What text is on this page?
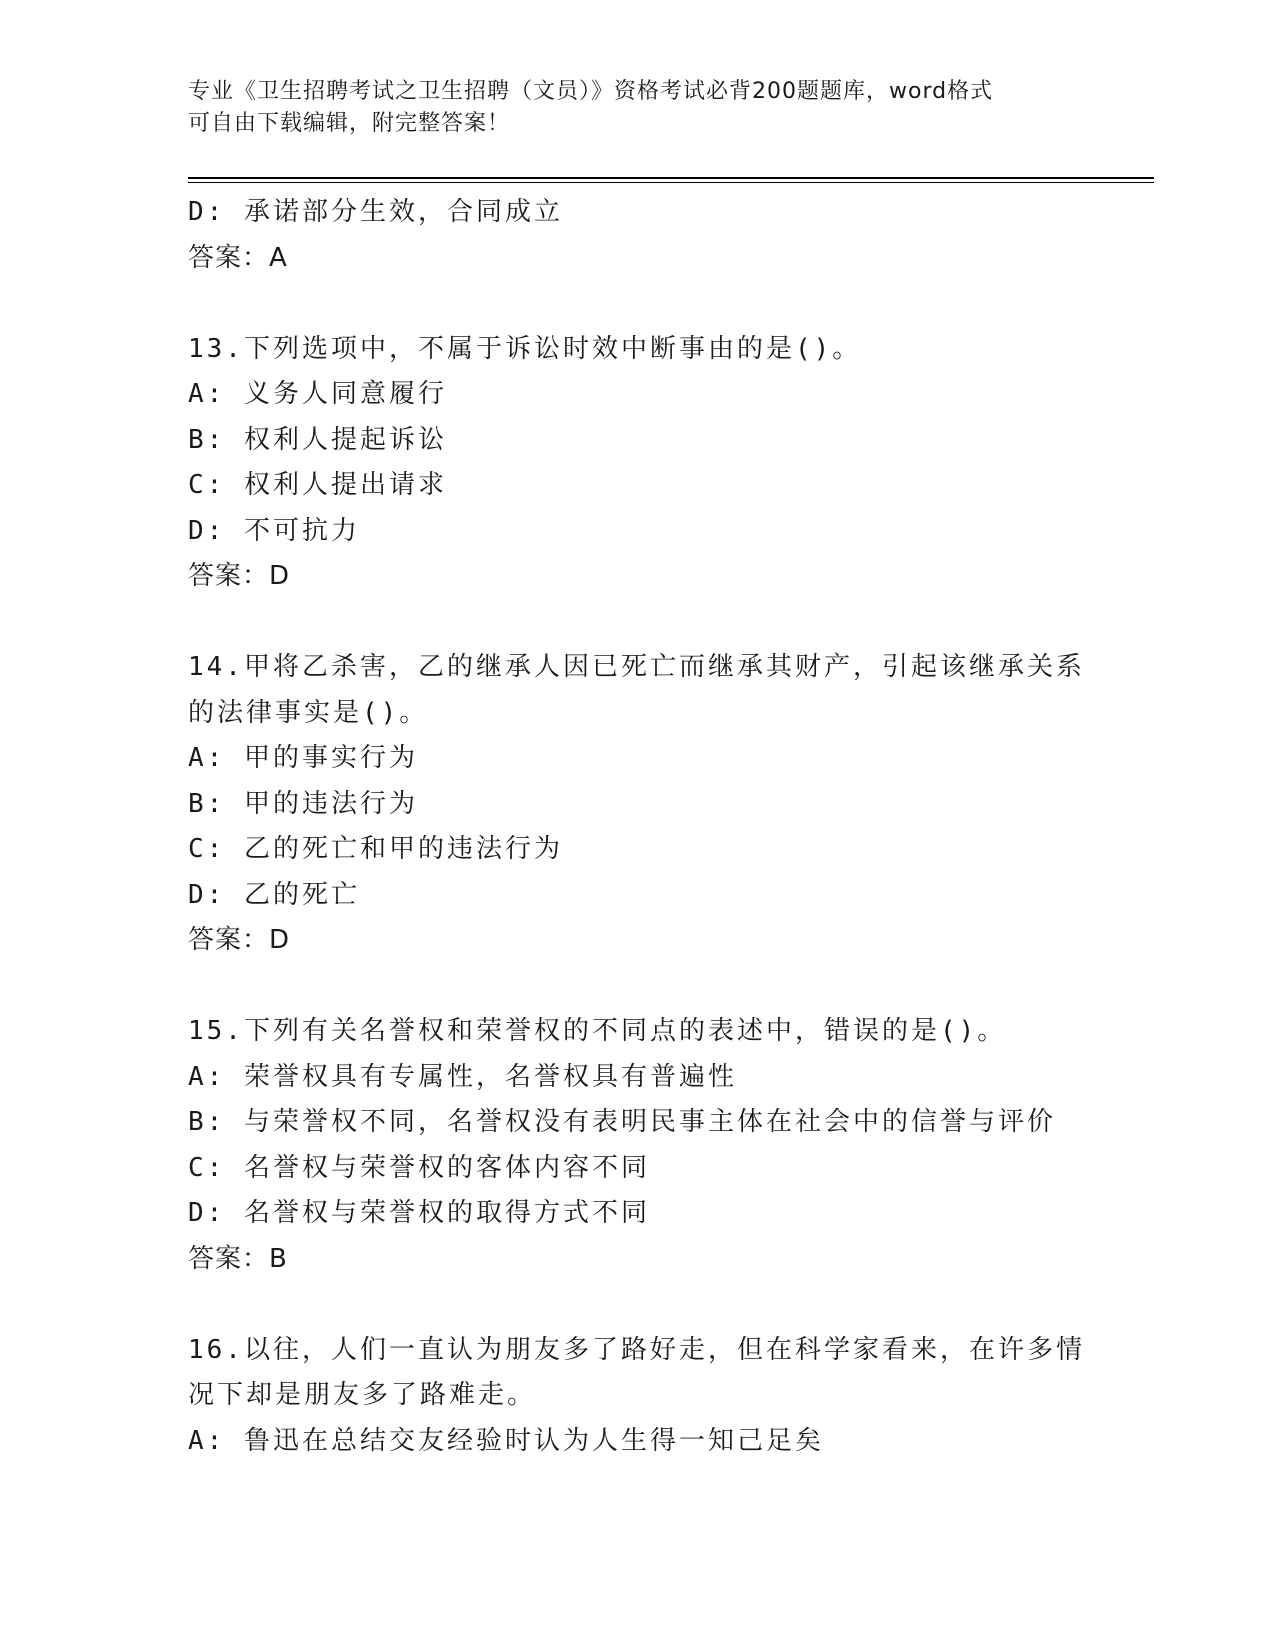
专业《卫生招聘考试之卫生招聘（文员）》资格考试必背200题题库，word格式
可自由下载编辑，附完整答案！
D: 承诺部分生效，合同成立
答案：A
13.下列选项中，不属于诉讼时效中断事由的是()。
A: 义务人同意履行
B: 权利人提起诉讼
C: 权利人提出请求
D: 不可抗力
答案：D
14.甲将乙杀害，乙的继承人因已死亡而继承其财产，引起该继承关系
的法律事实是()。
A: 甲的事实行为
B: 甲的违法行为
C: 乙的死亡和甲的违法行为
D: 乙的死亡
答案：D
15.下列有关名誉权和荣誉权的不同点的表述中，错误的是()。
A: 荣誉权具有专属性，名誉权具有普遍性
B: 与荣誉权不同，名誉权没有表明民事主体在社会中的信誉与评价
C: 名誉权与荣誉权的客体内容不同
D: 名誉权与荣誉权的取得方式不同
答案：B
16.以往，人们一直认为朋友多了路好走，但在科学家看来，在许多情
况下却是朋友多了路难走。
A: 鲁迅在总结交友经验时认为人生得一知己足矣
